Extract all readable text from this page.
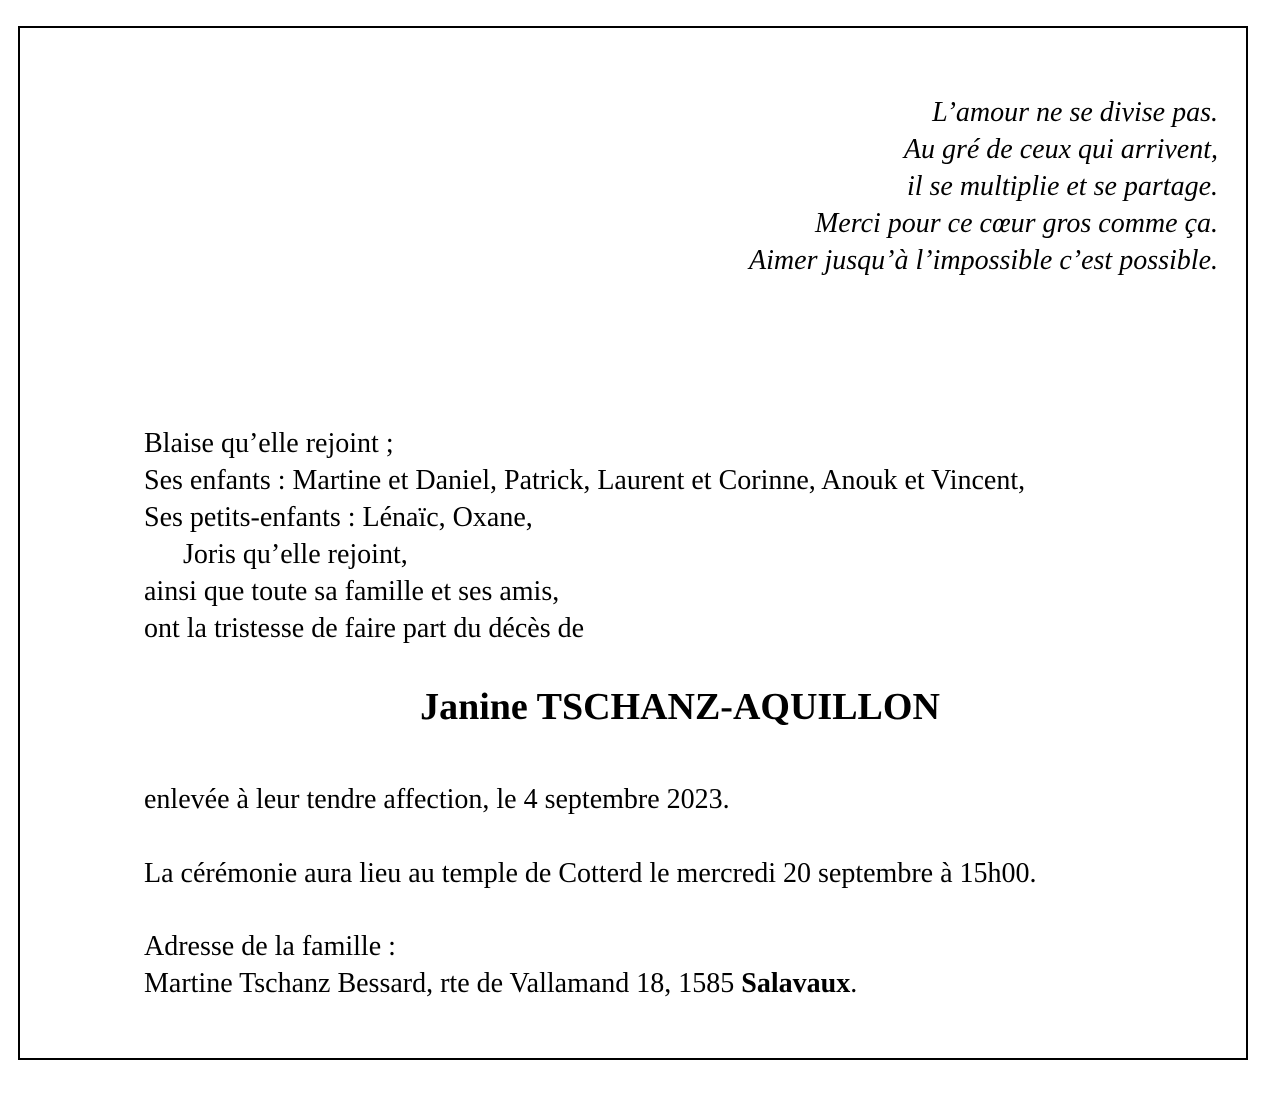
L’amour ne se divise pas.
Au gré de ceux qui arrivent,
il se multiplie et se partage.
Merci pour ce cœur gros comme ça.
Aimer jusqu’à l’impossible c’est possible.
Blaise qu’elle rejoint ;
Ses enfants : Martine et Daniel, Patrick, Laurent et Corinne, Anouk et Vincent,
Ses petits-enfants : Lénaïc, Oxane,
Joris qu’elle rejoint,
ainsi que toute sa famille et ses amis,
ont la tristesse de faire part du décès de
Janine TSCHANZ-AQUILLON
enlevée à leur tendre affection, le 4 septembre 2023.
La cérémonie aura lieu au temple de Cotterd le mercredi 20 septembre à 15h00.
Adresse de la famille :
Martine Tschanz Bessard, rte de Vallamand 18, 1585 Salavaux.
